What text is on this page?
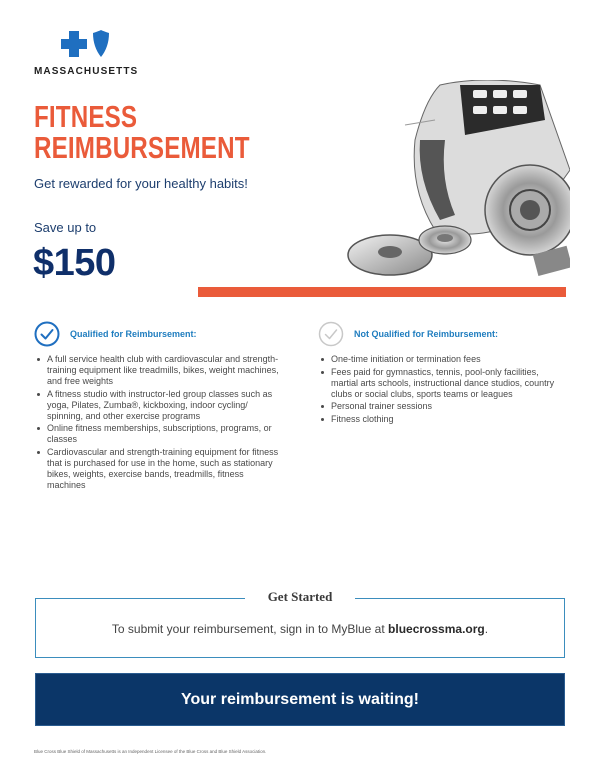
MASSACHUSETTS
FITNESS
REIMBURSEMENT
Get rewarded for your healthy habits!
Save up to
$150
Qualified for Reimbursement:
A full service health club with cardiovascular and strength-training equipment like treadmills, bikes, weight machines, and free weights
A fitness studio with instructor-led group classes such as yoga, Pilates, Zumba®, kickboxing, indoor cycling/ spinning, and other exercise programs
Online fitness memberships, subscriptions, programs, or classes
Cardiovascular and strength-training equipment for fitness that is purchased for use in the home, such as stationary bikes, weights, exercise bands, treadmills, fitness machines
Not Qualified for Reimbursement:
One-time initiation or termination fees
Fees paid for gymnastics, tennis, pool-only facilities, martial arts schools, instructional dance studios, country clubs or social clubs, sports teams or leagues
Personal trainer sessions
Fitness clothing
Get Started
To submit your reimbursement, sign in to MyBlue at bluecrossma.org.
Your reimbursement is waiting!
Blue Cross Blue Shield of Massachusetts is an Independent Licensee of the Blue Cross and Blue Shield Association.
